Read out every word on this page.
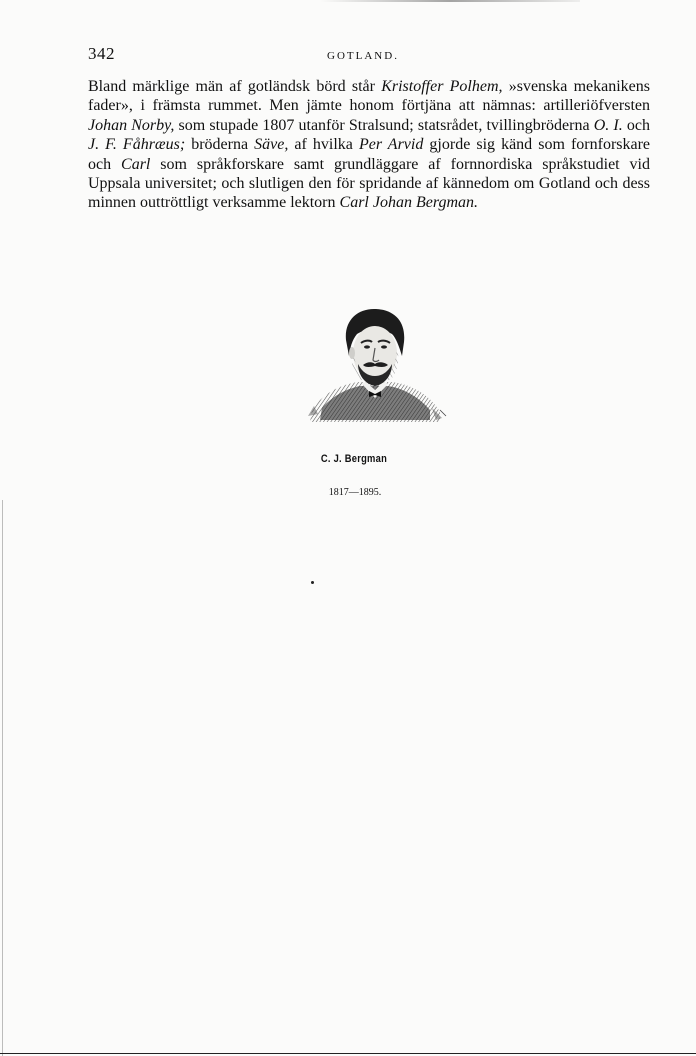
342	GOTLAND.

Bland märklige män af gotländsk börd står Kristoffer Polhem, »svenska mekanikens fader», i främsta rummet. Men jämte honom förtjäna att nämnas: artilleriöfversten Johan Norby, som stupade 1807 utanför Stralsund; statsrådet, tvillingbröderna O. I. och J. F. Fåhræus; bröderna Säve, af hvilka Per Arvid gjorde sig känd som fornforskare och Carl som språkforskare samt grundläggare af fornnordiska språkstudiet vid Uppsala universitet; och slutligen den för spridande af kännedom om Gotland och dess minnen outtröttligt verksamme lektorn Carl Johan Bergman.

C. J. Bergman
1817—1895.
